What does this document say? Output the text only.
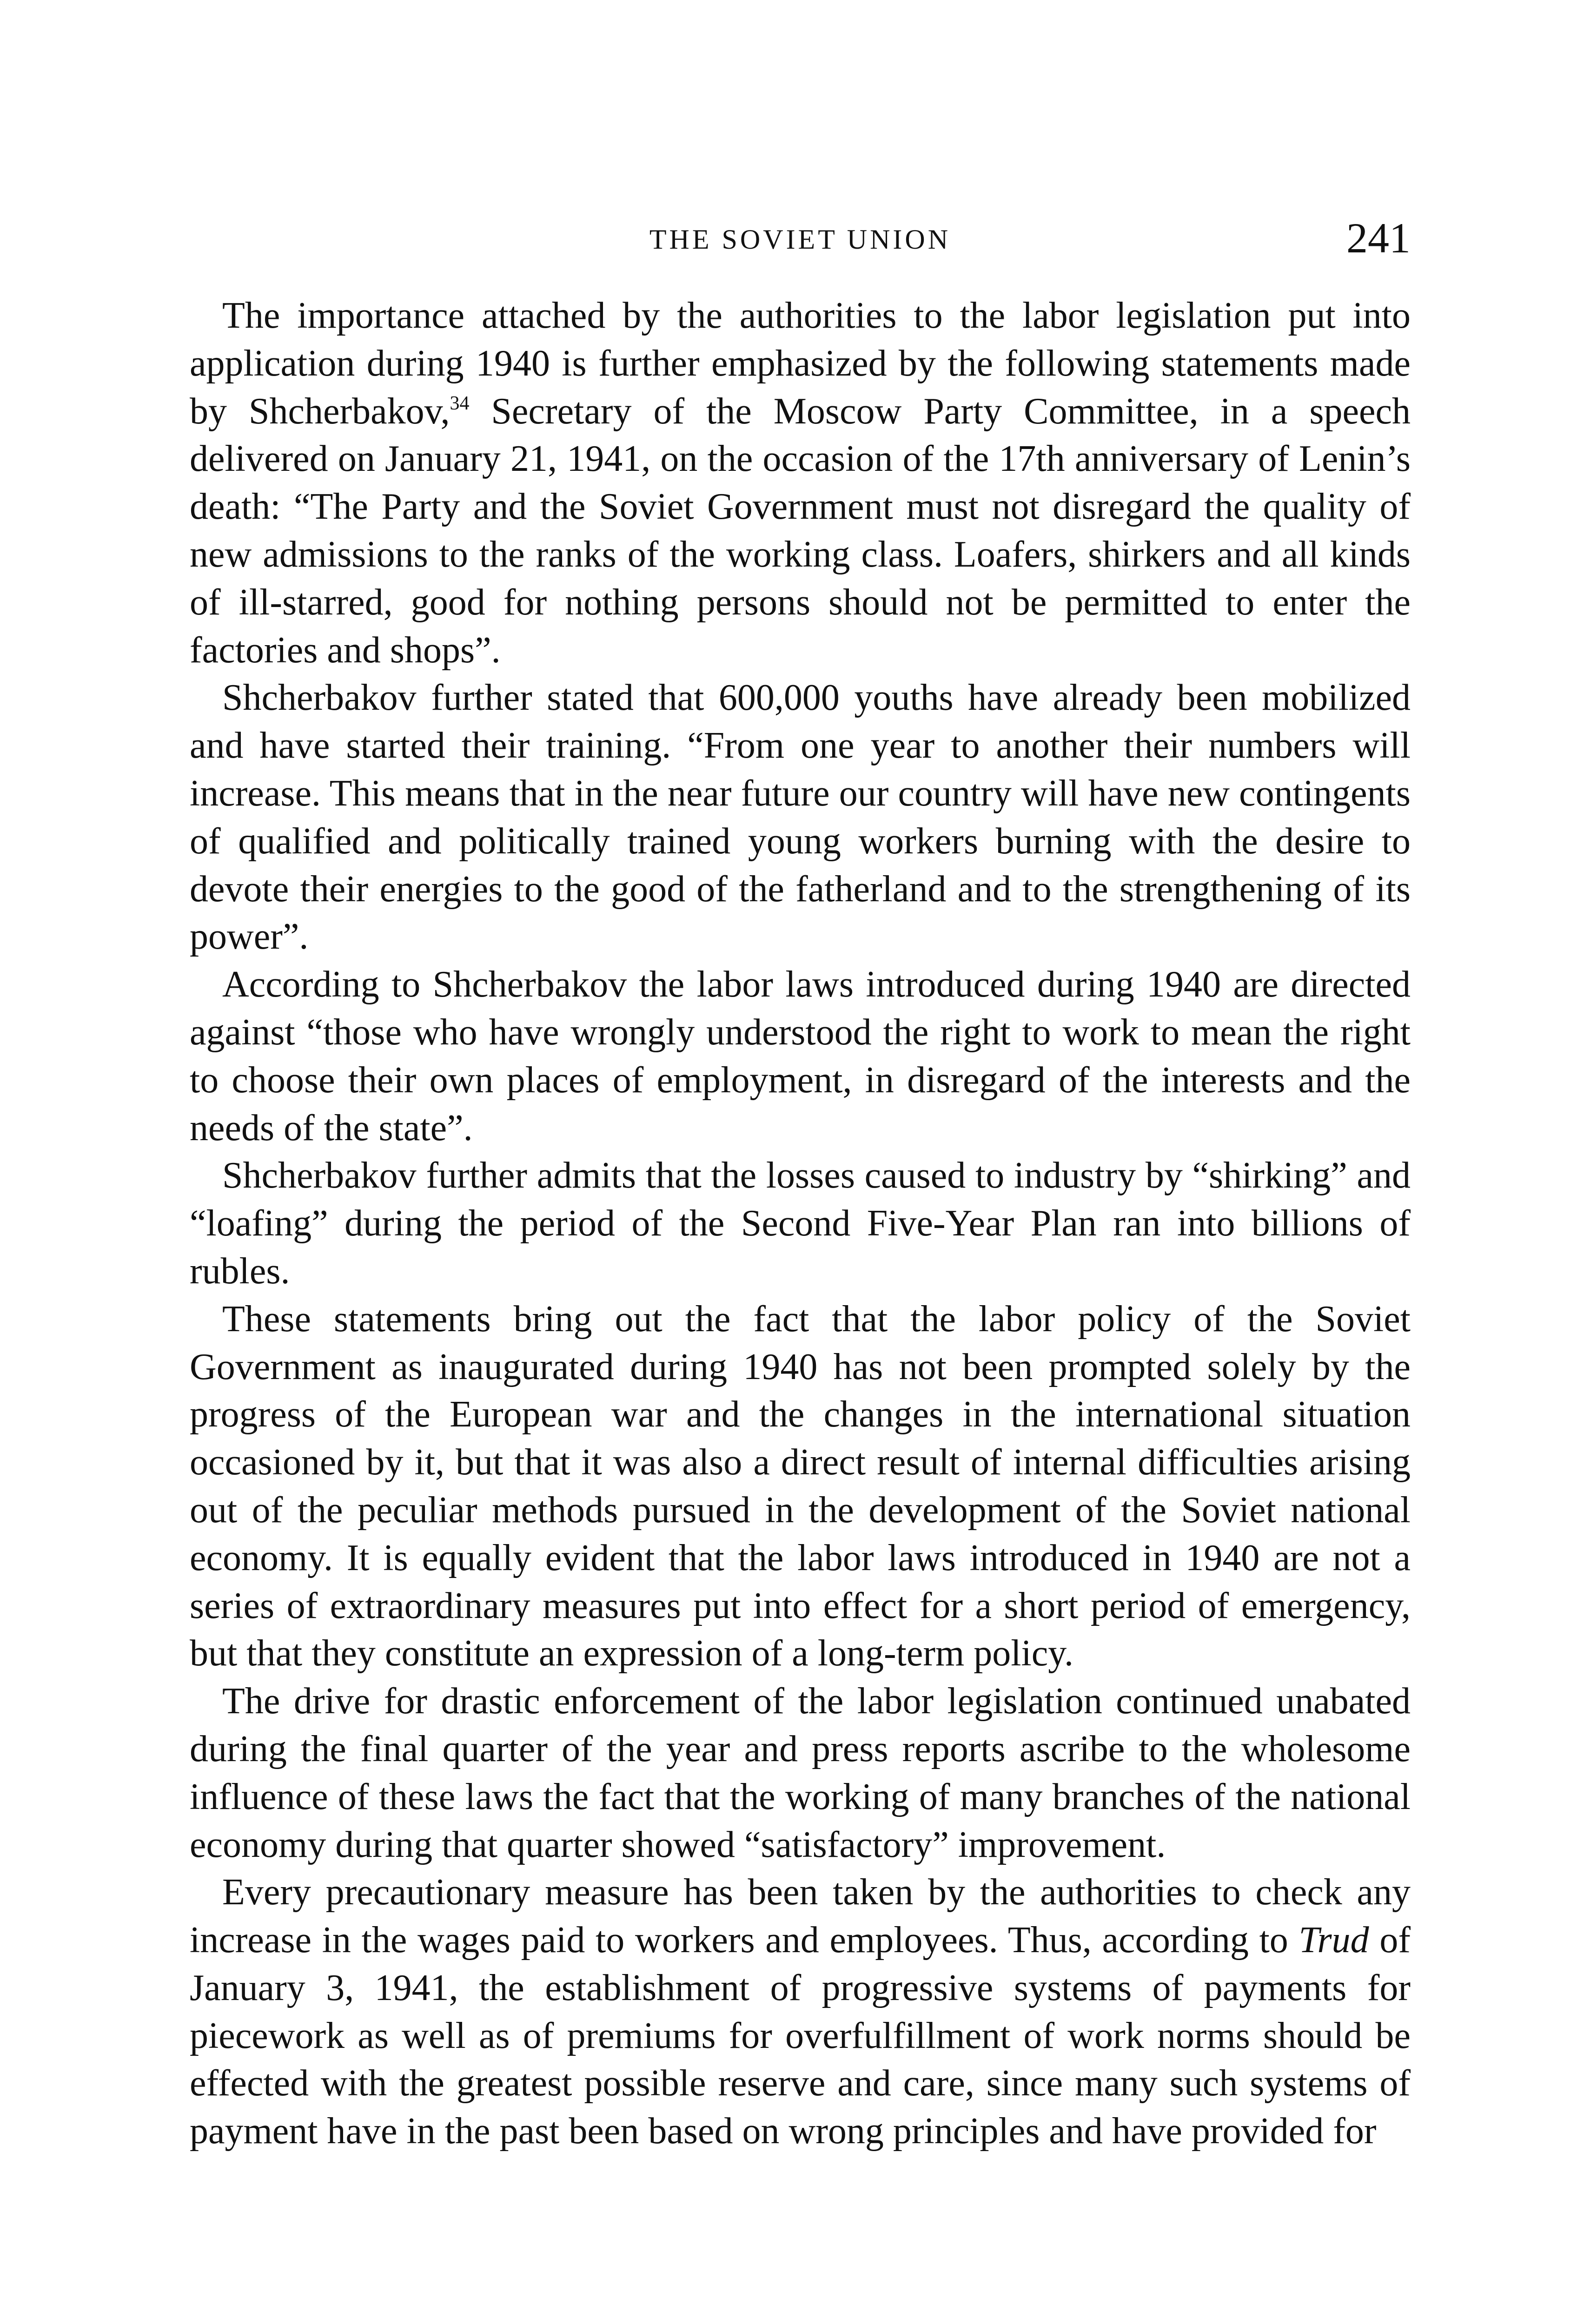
THE SOVIET UNION	241

The importance attached by the authorities to the labor legislation put into application during 1940 is further emphasized by the following statements made by Shcherbakov,$^{34}$ Secretary of the Moscow Party Committee, in a speech delivered on January 21, 1941, on the occasion of the 17th anniversary of Lenin’s death: “The Party and the Soviet Government must not disregard the quality of new admissions to the ranks of the working class. Loafers, shirkers and all kinds of ill-starred, good for nothing persons should not be permitted to enter the factories and shops”.

Shcherbakov further stated that 600,000 youths have already been mobilized and have started their training. “From one year to another their numbers will increase. This means that in the near future our country will have new contingents of qualified and politically trained young workers burning with the desire to devote their energies to the good of the fatherland and to the strengthening of its power”.

According to Shcherbakov the labor laws introduced during 1940 are directed against “those who have wrongly understood the right to work to mean the right to choose their own places of employment, in disregard of the interests and the needs of the state”.

Shcherbakov further admits that the losses caused to industry by “shirking” and “loafing” during the period of the Second Five-Year Plan ran into billions of rubles.

These statements bring out the fact that the labor policy of the Soviet Government as inaugurated during 1940 has not been prompted solely by the progress of the European war and the changes in the international situation occasioned by it, but that it was also a direct result of internal difficulties arising out of the peculiar methods pursued in the development of the Soviet national economy. It is equally evident that the labor laws introduced in 1940 are not a series of extraordinary measures put into effect for a short period of emergency, but that they constitute an expression of a long-term policy.

The drive for drastic enforcement of the labor legislation continued unabated during the final quarter of the year and press reports ascribe to the wholesome influence of these laws the fact that the working of many branches of the national economy during that quarter showed “satisfactory” improvement.

Every precautionary measure has been taken by the authorities to check any increase in the wages paid to workers and employees. Thus, according to Trud of January 3, 1941, the establishment of progressive systems of payments for piecework as well as of premiums for overfulfillment of work norms should be effected with the greatest possible reserve and care, since many such systems of payment have in the past been based on wrong principles and have provided for
